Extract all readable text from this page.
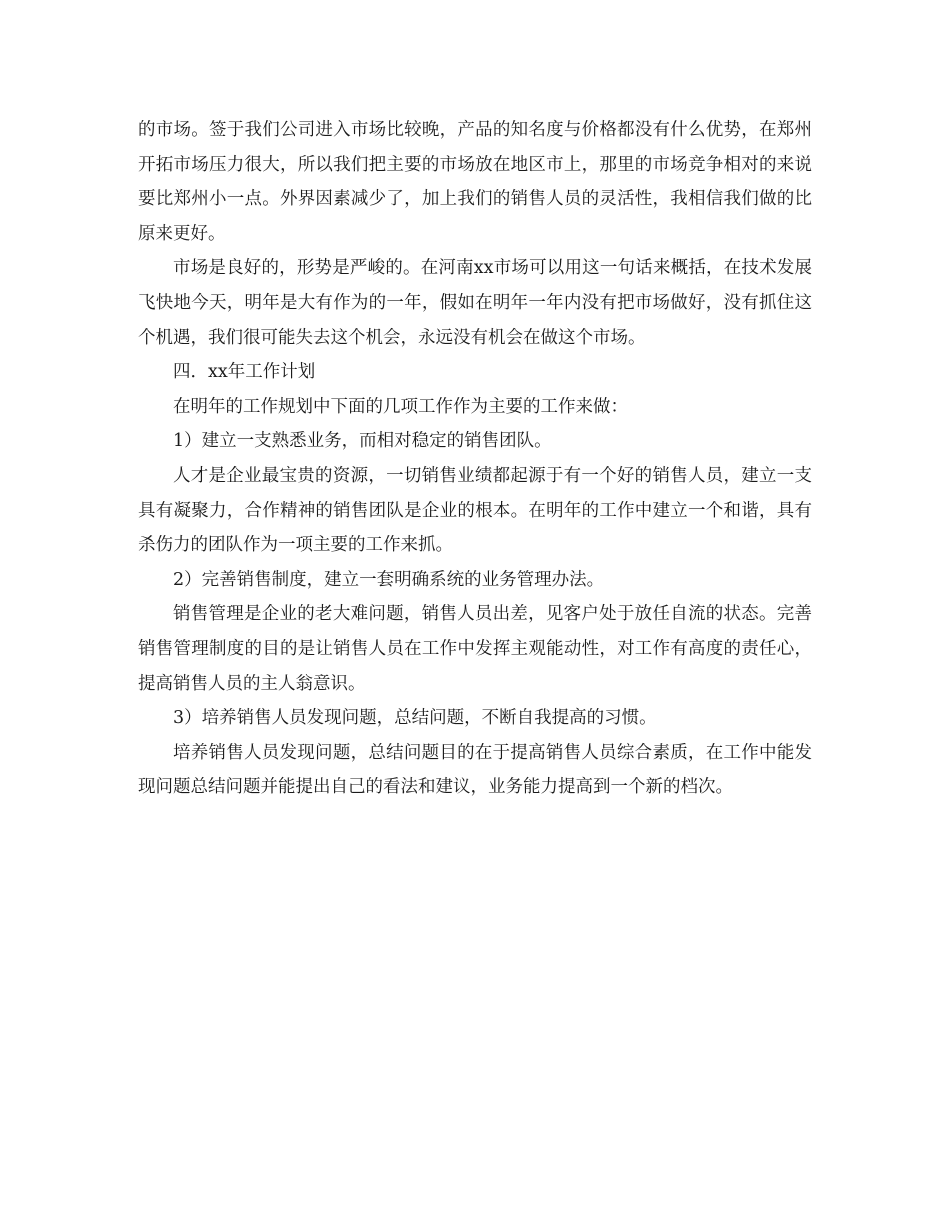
的市场。签于我们公司进入市场比较晚，产品的知名度与价格都没有什么优势，在郑州开拓市场压力很大，所以我们把主要的市场放在地区市上，那里的市场竞争相对的来说要比郑州小一点。外界因素减少了，加上我们的销售人员的灵活性，我相信我们做的比原来更好。

市场是良好的，形势是严峻的。在河南xx市场可以用这一句话来概括，在技术发展飞快地今天，明年是大有作为的一年，假如在明年一年内没有把市场做好，没有抓住这个机遇，我们很可能失去这个机会，永远没有机会在做这个市场。

四．xx年工作计划

在明年的工作规划中下面的几项工作作为主要的工作来做：

1）建立一支熟悉业务，而相对稳定的销售团队。

人才是企业最宝贵的资源，一切销售业绩都起源于有一个好的销售人员，建立一支具有凝聚力，合作精神的销售团队是企业的根本。在明年的工作中建立一个和谐，具有杀伤力的团队作为一项主要的工作来抓。

2）完善销售制度，建立一套明确系统的业务管理办法。

销售管理是企业的老大难问题，销售人员出差，见客户处于放任自流的状态。完善销售管理制度的目的是让销售人员在工作中发挥主观能动性，对工作有高度的责任心，提高销售人员的主人翁意识。

3）培养销售人员发现问题，总结问题，不断自我提高的习惯。

培养销售人员发现问题，总结问题目的在于提高销售人员综合素质，在工作中能发现问题总结问题并能提出自己的看法和建议，业务能力提高到一个新的档次。
